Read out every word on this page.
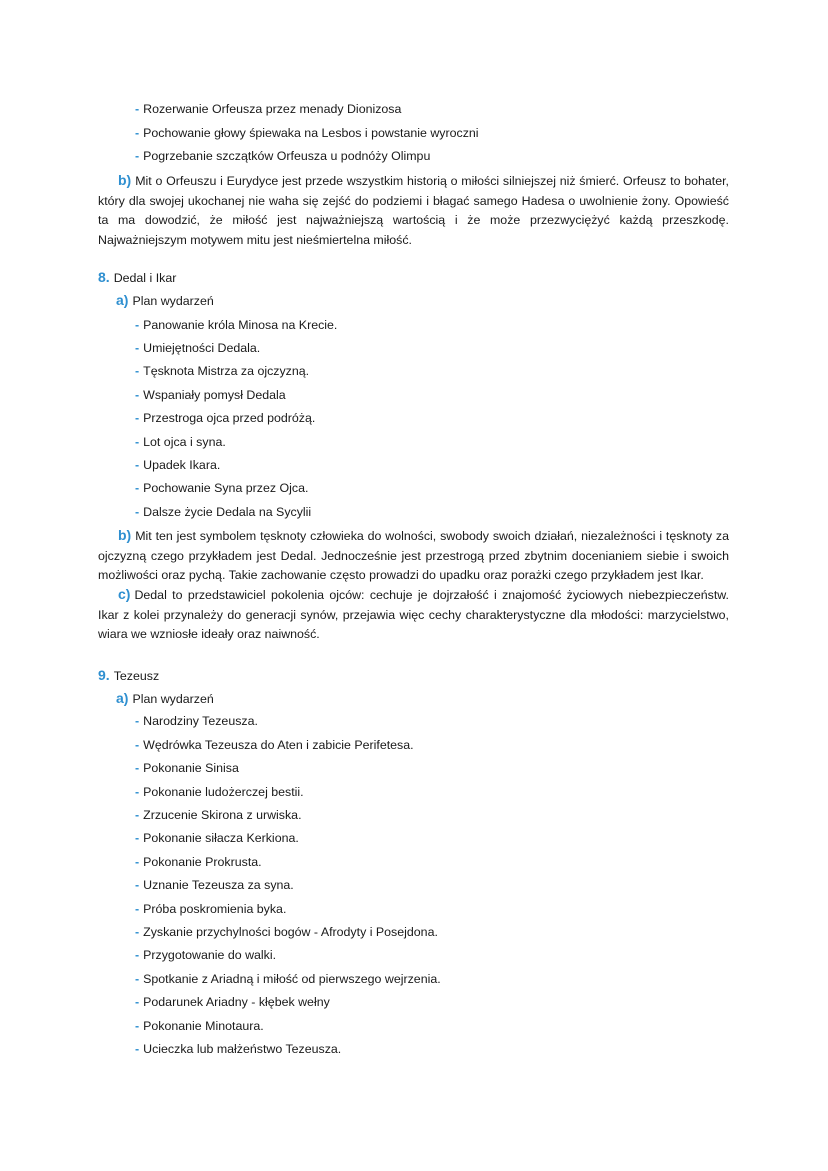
- Rozerwanie Orfeusza przez menady Dionizosa
- Pochowanie głowy śpiewaka na Lesbos i powstanie wyroczni
- Pogrzebanie szczątków Orfeusza u podnóży Olimpu

b) Mit o Orfeuszu i Eurydyce jest przede wszystkim historią o miłości silniejszej niż śmierć. Orfeusz to bohater, który dla swojej ukochanej nie waha się zejść do podziemi i błagać samego Hadesa o uwolnienie żony. Opowieść ta ma dowodzić, że miłość jest najważniejszą wartością i że może przezwyciężyć każdą przeszkodę. Najważniejszym motywem mitu jest nieśmiertelna miłość.

8. Dedal i Ikar
a) Plan wydarzeń
- Panowanie króla Minosa na Krecie.
- Umiejętności Dedala.
- Tęsknota Mistrza za ojczyzną.
- Wspaniały pomysł Dedala
- Przestroga ojca przed podróżą.
- Lot ojca i syna.
- Upadek Ikara.
- Pochowanie Syna przez Ojca.
- Dalsze życie Dedala na Sycylii

b) Mit ten jest symbolem tęsknoty człowieka do wolności, swobody swoich działań, niezależności i tęsknoty za ojczyzną czego przykładem jest Dedal. Jednocześnie jest przestrogą przed zbytnim docenianiem siebie i swoich możliwości oraz pychą. Takie zachowanie często prowadzi do upadku oraz porażki czego przykładem jest Ikar.

c) Dedal to przedstawiciel pokolenia ojców: cechuje je dojrzałość i znajomość życiowych niebezpieczeństw. Ikar z kolei przynależy do generacji synów, przejawia więc cechy charakterystyczne dla młodości: marzycielstwo, wiara we wzniosłe ideały oraz naiwność.

9. Tezeusz
a) Plan wydarzeń
- Narodziny Tezeusza.
- Wędrówka Tezeusza do Aten i zabicie Perifetesa.
- Pokonanie Sinisa
- Pokonanie ludożerczej bestii.
- Zrzucenie Skirona z urwiska.
- Pokonanie siłacza Kerkiona.
- Pokonanie Prokrusta.
- Uznanie Tezeusza za syna.
- Próba poskromienia byka.
- Zyskanie przychylności bogów - Afrodyty i Posejdona.
- Przygotowanie do walki.
- Spotkanie z Ariadną i miłość od pierwszego wejrzenia.
- Podarunek Ariadny - kłębek wełny
- Pokonanie Minotaura.
- Ucieczka lub małżeństwo Tezeusza.
